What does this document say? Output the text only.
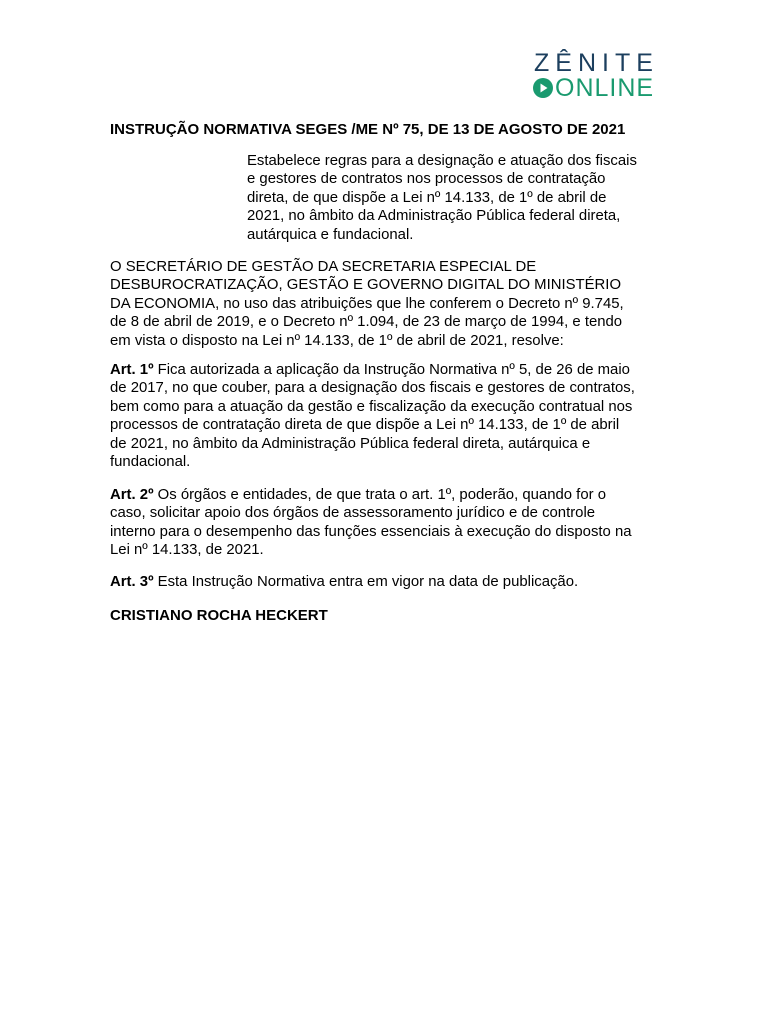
ZÊNITE
ONLINE
INSTRUÇÃO NORMATIVA SEGES /ME Nº 75, DE 13 DE AGOSTO DE 2021
Estabelece regras para a designação e atuação dos fiscais
e gestores de contratos nos processos de contratação
direta, de que dispõe a Lei nº 14.133, de 1º de abril de
2021, no âmbito da Administração Pública federal direta,
autárquica e fundacional.
O SECRETÁRIO DE GESTÃO DA SECRETARIA ESPECIAL DE
DESBUROCRATIZAÇÃO, GESTÃO E GOVERNO DIGITAL DO MINISTÉRIO
DA ECONOMIA, no uso das atribuições que lhe conferem o Decreto nº 9.745,
de 8 de abril de 2019, e o Decreto nº 1.094, de 23 de março de 1994, e tendo
em vista o disposto na Lei nº 14.133, de 1º de abril de 2021, resolve:
Art. 1º Fica autorizada a aplicação da Instrução Normativa nº 5, de 26 de maio
de 2017, no que couber, para a designação dos fiscais e gestores de contratos,
bem como para a atuação da gestão e fiscalização da execução contratual nos
processos de contratação direta de que dispõe a Lei nº 14.133, de 1º de abril
de 2021, no âmbito da Administração Pública federal direta, autárquica e
fundacional.
Art. 2º Os órgãos e entidades, de que trata o art. 1º, poderão, quando for o
caso, solicitar apoio dos órgãos de assessoramento jurídico e de controle
interno para o desempenho das funções essenciais à execução do disposto na
Lei nº 14.133, de 2021.
Art. 3º Esta Instrução Normativa entra em vigor na data de publicação.
CRISTIANO ROCHA HECKERT
